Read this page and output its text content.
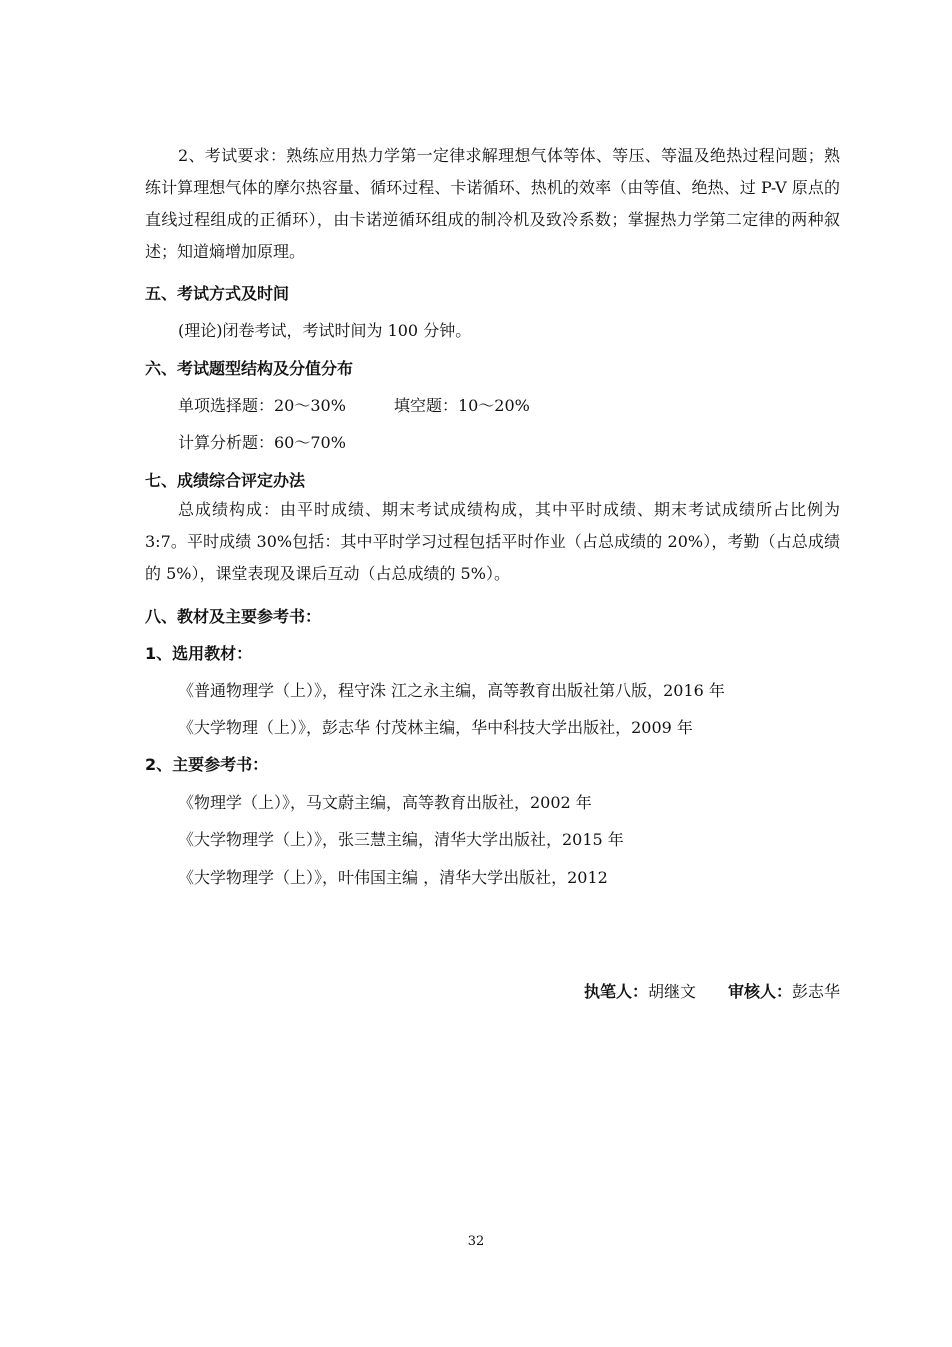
2、考试要求：熟练应用热力学第一定律求解理想气体等体、等压、等温及绝热过程问题；熟练计算理想气体的摩尔热容量、循环过程、卡诺循环、热机的效率（由等值、绝热、过 P-V 原点的直线过程组成的正循环），由卡诺逆循环组成的制冷机及致冷系数；掌握热力学第二定律的两种叙述；知道熵增加原理。

五、考试方式及时间

(理论)闭卷考试，考试时间为 100 分钟。

六、考试题型结构及分值分布

单项选择题：20～30%	填空题：10～20%

计算分析题：60～70%

七、成绩综合评定办法

总成绩构成：由平时成绩、期末考试成绩构成，其中平时成绩、期末考试成绩所占比例为 3:7。平时成绩 30%包括：其中平时学习过程包括平时作业（占总成绩的 20%），考勤（占总成绩的 5%），课堂表现及课后互动（占总成绩的 5%）。

八、教材及主要参考书：
1、选用教材：

《普通物理学（上）》，程守洙 江之永主编，高等教育出版社第八版，2016 年

《大学物理（上）》，彭志华 付茂林主编，华中科技大学出版社，2009 年

2、主要参考书：

《物理学（上）》，马文蔚主编，高等教育出版社，2002 年

《大学物理学（上）》，张三慧主编，清华大学出版社，2015 年

《大学物理学（上）》，叶伟国主编 ，清华大学出版社，2012

执笔人：胡继文 审核人：彭志华
32
